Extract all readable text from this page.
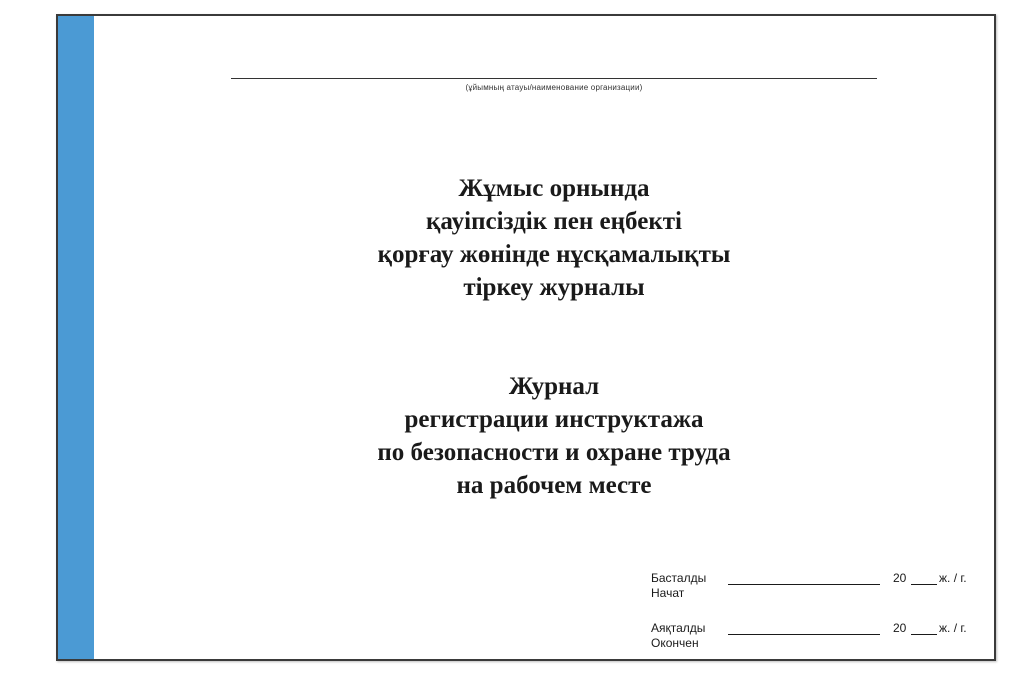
(ұйымның атауы/наименование организации)
Жұмыс орнында
қауіпсіздік пен еңбекті
қорғау жөнінде нұсқамалықты
тіркеу журналы
Журнал
регистрации инструктажа
по безопасности и охране труда
на рабочем месте
Басталды
Начат
20	ж. / г.
Аяқталды
Окончен
20	ж. / г.
